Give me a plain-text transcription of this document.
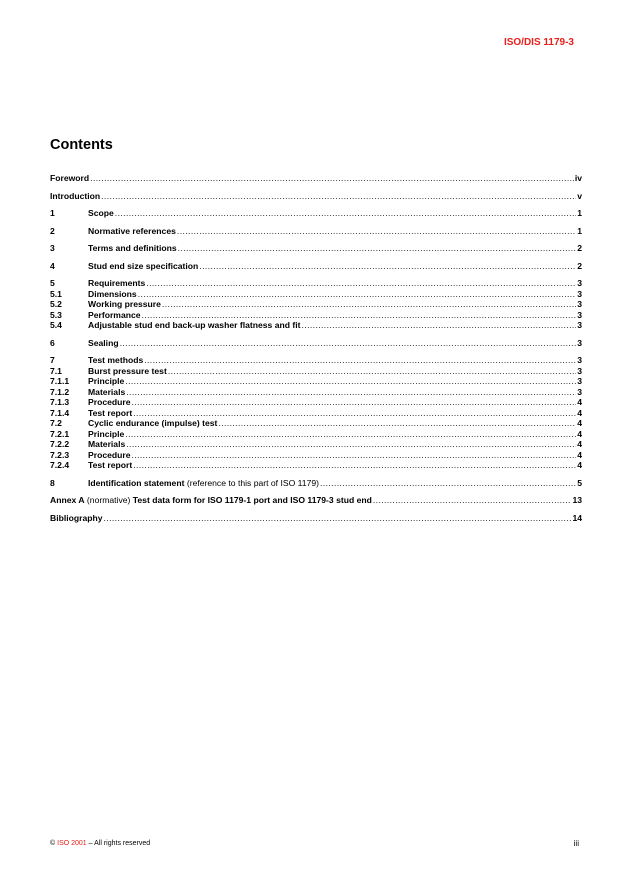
ISO/DIS 1179-3
Contents
Foreword .....	iv
Introduction .....	v
1	Scope .....	1
2	Normative references .....	1
3	Terms and definitions .....	2
4	Stud end size specification .....	2
5	Requirements .....	3
5.1	Dimensions .....	3
5.2	Working pressure .....	3
5.3	Performance .....	3
5.4	Adjustable stud end back-up washer flatness and fit .....	3
6	Sealing .....	3
7	Test methods .....	3
7.1	Burst pressure test .....	3
7.1.1	Principle .....	3
7.1.2	Materials .....	3
7.1.3	Procedure .....	4
7.1.4	Test report .....	4
7.2	Cyclic endurance (impulse) test .....	4
7.2.1	Principle .....	4
7.2.2	Materials .....	4
7.2.3	Procedure .....	4
7.2.4	Test report .....	4
8	Identification statement (reference to this part of ISO 1179) .....	5
Annex A (normative) Test data form for ISO 1179-1 port and ISO 1179-3 stud end .....	13
Bibliography .....	14
© ISO 2001 – All rights reserved	iii
